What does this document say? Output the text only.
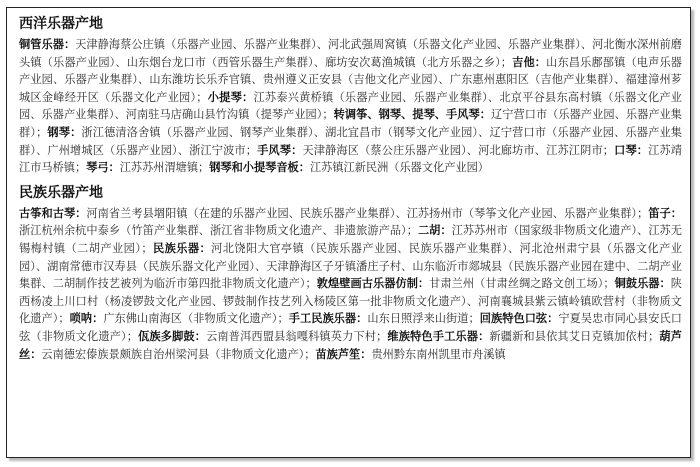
西洋乐器产地

铜管乐器：天津静海蔡公庄镇（乐器产业园、乐器产业集群）、河北武强周窝镇（乐器文化产业园、乐器产业集群）、河北衡水深州前磨头镇（乐器产业园）、山东烟台龙口市（西管乐器生产集群）、廊坊安次葛渔城镇（北方乐器之乡）；吉他：山东昌乐鄌郚镇（电声乐器产业园、乐器产业集群）、山东潍坊长乐乔官镇、贵州遵义正安县（吉他文化产业园）、广东惠州惠阳区（吉他产业集群）、福建漳州芗城区金峰经开区（乐器文化产业园）；小提琴：江苏泰兴黄桥镇（乐器产业园、乐器产业集群）、北京平谷县东高村镇（乐器文化产业园、乐器产业集群）、河南驻马店确山县竹沟镇（提琴产业园）；转调筝、钢琴、提琴、手风琴：辽宁营口市（乐器产业园、乐器产业集群）；钢琴：浙江德清洛舍镇（乐器产业园、钢琴产业集群）、湖北宜昌市（钢琴文化产业园）、辽宁营口市（乐器产业园、乐器产业集群）、广州增城区（乐器产业园）、浙江宁波市；手风琴：天津静海区（蔡公庄乐器产业园）、河北廊坊市、江苏江阴市；口琴：江苏靖江市马桥镇；琴弓：江苏苏州渭塘镇；钢琴和小提琴音板：江苏镇江新民洲（乐器文化产业园）

民族乐器产地

古筝和古琴：河南省兰考县堌阳镇（在建的乐器产业园、民族乐器产业集群）、江苏扬州市（琴筝文化产业园、乐器产业集群）；笛子：浙江杭州余杭中泰乡（竹笛产业集群、浙江省非物质文化遗产、非遗旅游产品）；二胡：江苏苏州市（国家级非物质文化遗产）、江苏无锡梅村镇（二胡产业园）；民族乐器：河北饶阳大官亭镇（民族乐器产业园、民族乐器产业集群）、河北沧州肃宁县（乐器文化产业园）、湖南常德市汉寿县（民族乐器文化产业园）、天津静海区子牙镇潘庄子村、山东临沂市郯城县（民族乐器产业园在建中、二胡产业集群、二胡制作技艺被列为临沂市第四批非物质文化遗产）；敦煌壁画古乐器仿制：甘肃兰州（甘肃丝绸之路文创工场）；铜鼓乐器：陕西杨凌上川口村（杨凌锣鼓文化产业园、锣鼓制作技艺列入杨陵区第一批非物质文化遗产）、河南襄城县紫云镇岭镇欧营村（非物质文化遗产）；唢呐：广东佛山南海区（非物质文化遗产）；手工民族乐器：山东日照浮来山街道；回族特色口弦：宁夏吴忠市同心县安氏口弦（非物质文化遗产）；佤族多脚鼓：云南普洱西盟县翁嘎科镇英力下村；维族特色手工乐器：新疆新和县依其艾日克镇加依村；葫芦丝：云南德宏傣族景颇族自治州梁河县（非物质文化遗产）；苗族芦笙：贵州黔东南州凯里市舟溪镇
